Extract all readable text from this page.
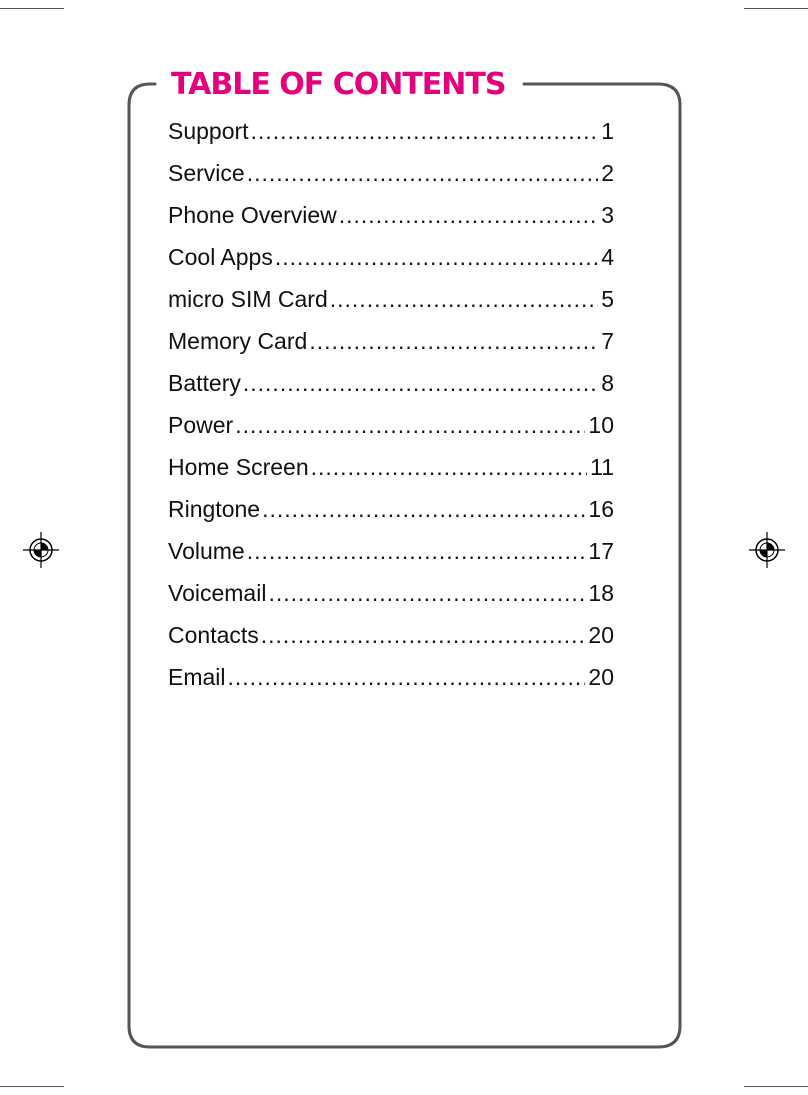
TABLE OF CONTENTS
Support .....	1
Service .....	2
Phone Overview .....	3
Cool Apps .....	4
micro SIM Card .....	5
Memory Card .....	7
Battery .....	8
Power .....	10
Home Screen .....	11
Ringtone .....	16
Volume .....	17
Voicemail .....	18
Contacts .....	20
Email .....	20
